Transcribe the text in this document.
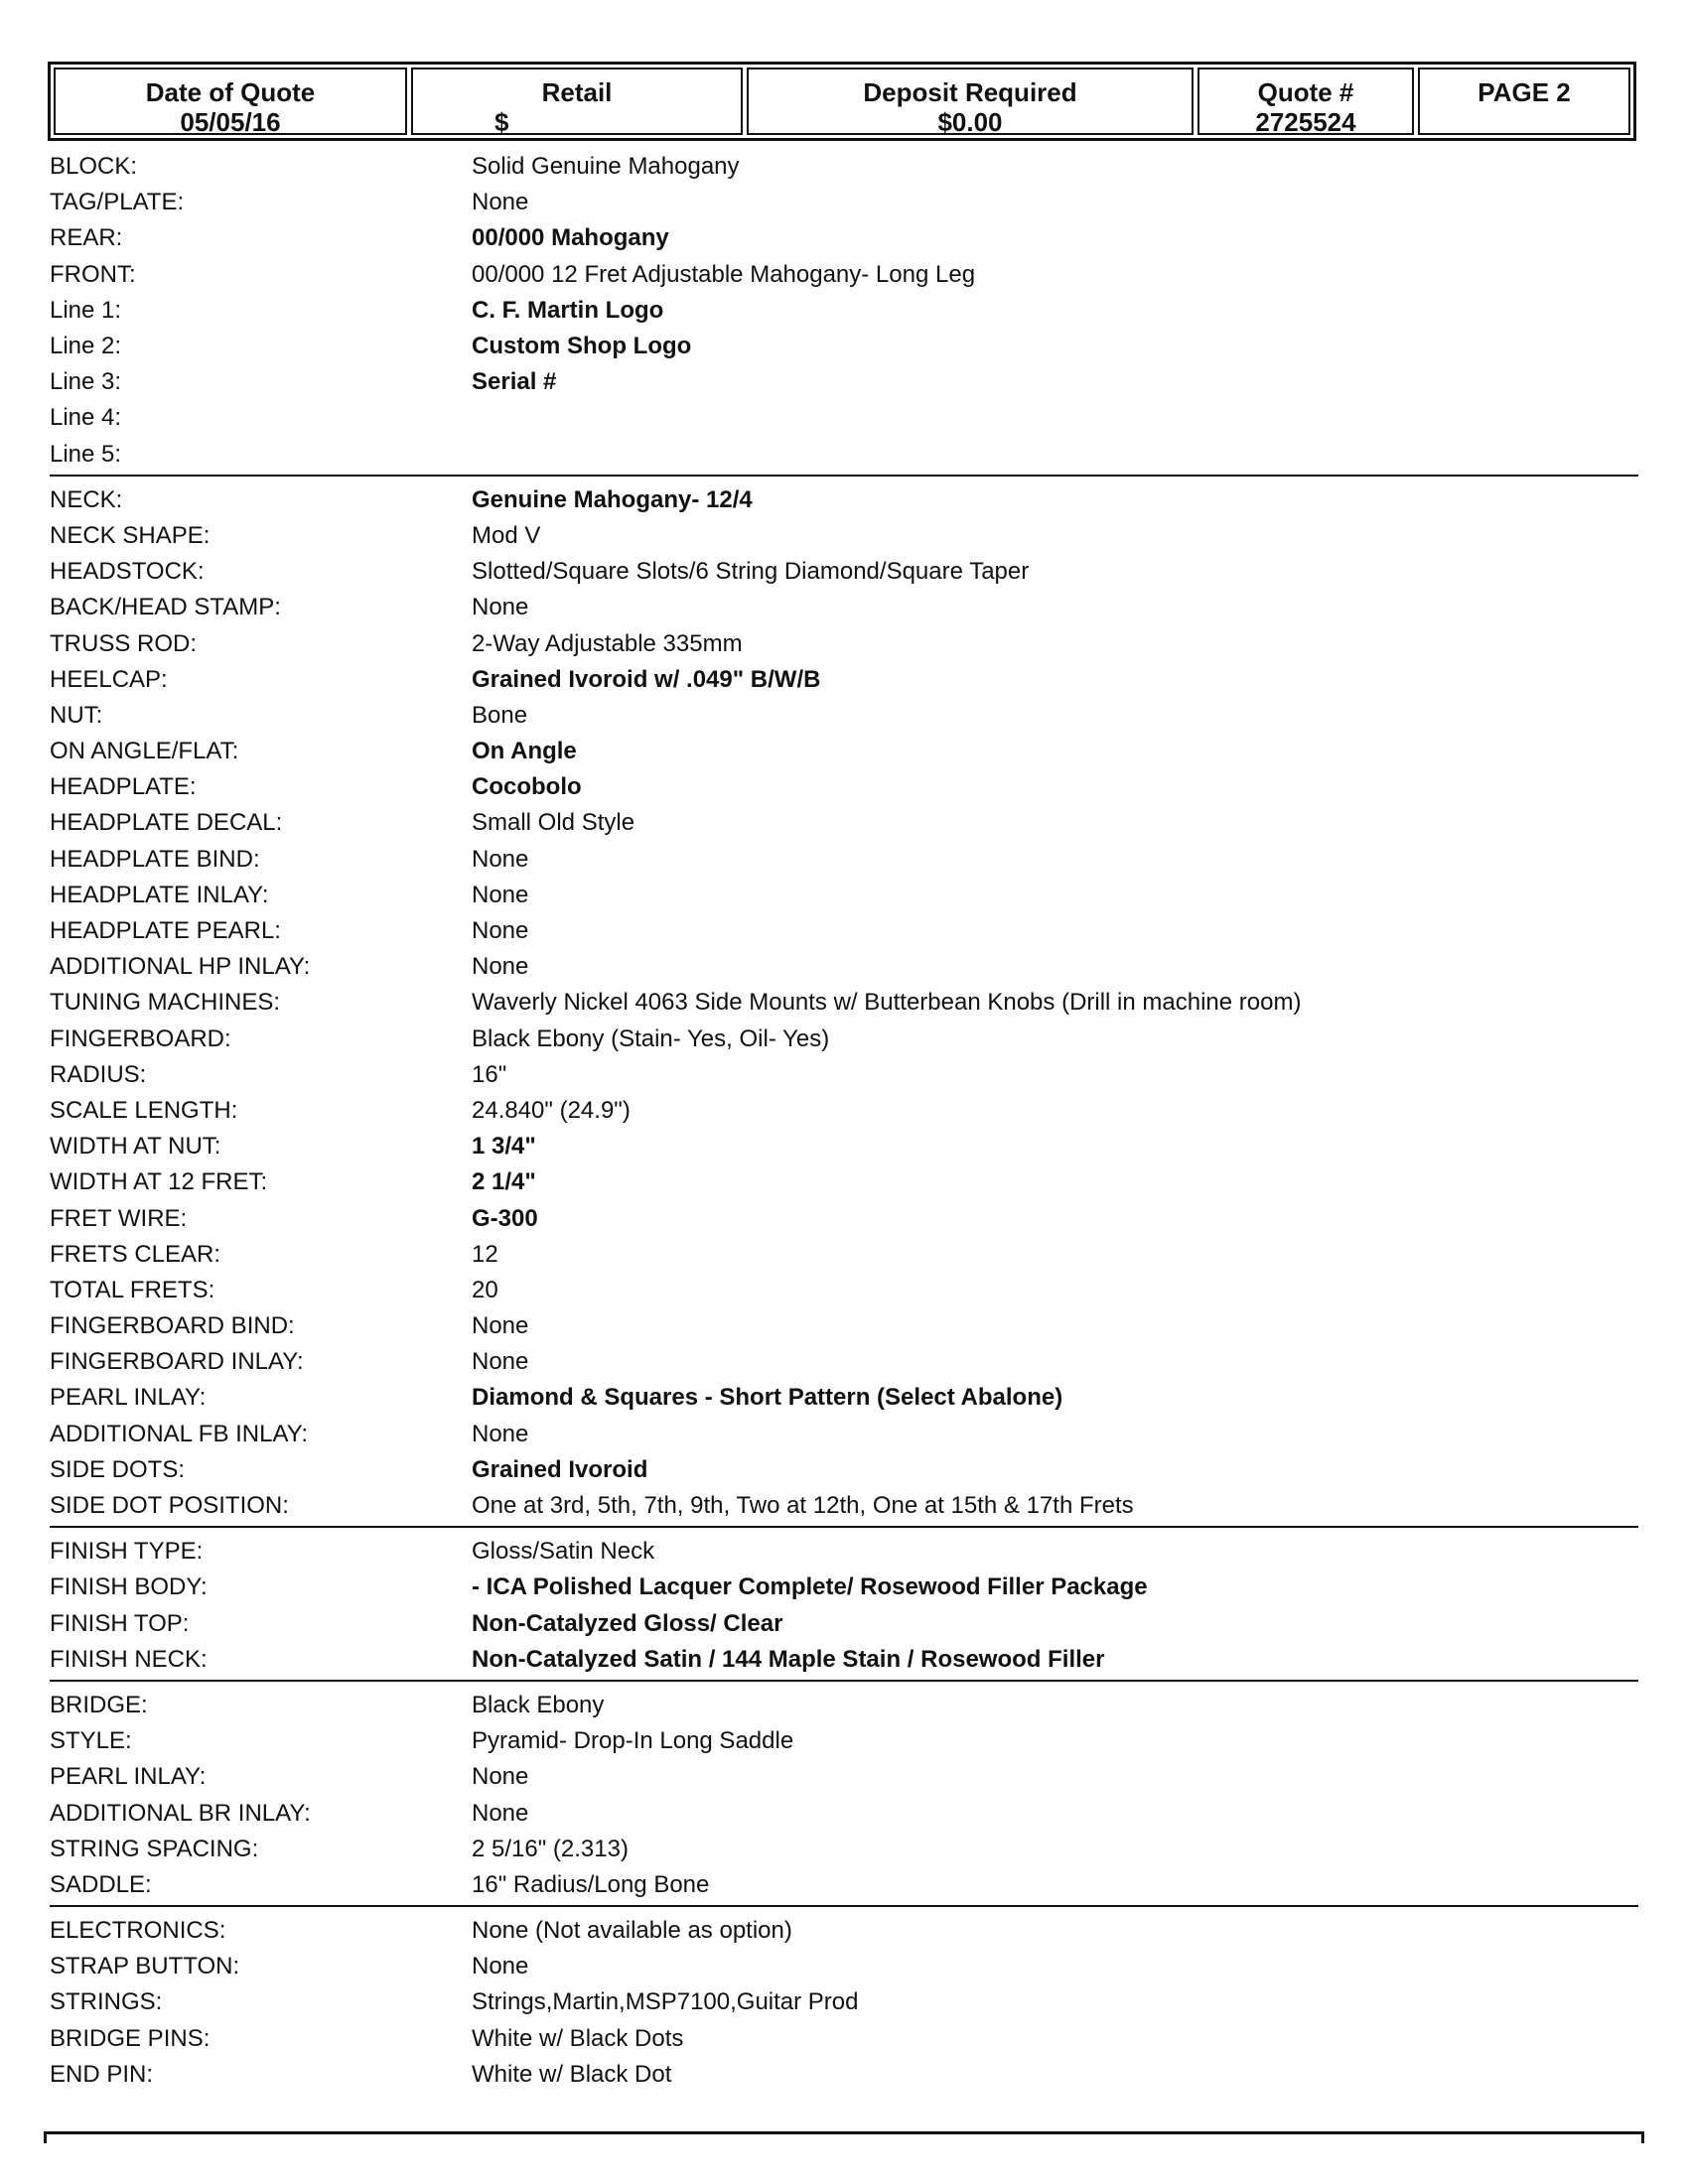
Date of Quote
05/05/16
Retail
$
Deposit Required
$0.00
Quote #
2725524
PAGE 2
BLOCK:	Solid Genuine Mahogany
TAG/PLATE:	None
REAR:	00/000 Mahogany
FRONT:	00/000 12 Fret Adjustable Mahogany- Long Leg
Line 1:	C. F. Martin Logo
Line 2:	Custom Shop Logo
Line 3:	Serial #
Line 4:
Line 5:
NECK:	Genuine Mahogany- 12/4
NECK SHAPE:	Mod V
HEADSTOCK:	Slotted/Square Slots/6 String Diamond/Square Taper
BACK/HEAD STAMP:	None
TRUSS ROD:	2-Way Adjustable 335mm
HEELCAP:	Grained Ivoroid w/ .049" B/W/B
NUT:	Bone
ON ANGLE/FLAT:	On Angle
HEADPLATE:	Cocobolo
HEADPLATE DECAL:	Small Old Style
HEADPLATE BIND:	None
HEADPLATE INLAY:	None
HEADPLATE PEARL:	None
ADDITIONAL HP INLAY:	None
TUNING MACHINES:	Waverly Nickel 4063 Side Mounts w/ Butterbean Knobs (Drill in machine room)
FINGERBOARD:	Black Ebony (Stain- Yes, Oil- Yes)
RADIUS:	16"
SCALE LENGTH:	24.840" (24.9")
WIDTH AT NUT:	1 3/4"
WIDTH AT 12 FRET:	2 1/4"
FRET WIRE:	G-300
FRETS CLEAR:	12
TOTAL FRETS:	20
FINGERBOARD BIND:	None
FINGERBOARD INLAY:	None
PEARL INLAY:	Diamond & Squares - Short Pattern (Select Abalone)
ADDITIONAL FB INLAY:	None
SIDE DOTS:	Grained Ivoroid
SIDE DOT POSITION:	One at 3rd, 5th, 7th, 9th, Two at 12th, One at 15th & 17th Frets
FINISH TYPE:	Gloss/Satin Neck
FINISH BODY:	- ICA Polished Lacquer Complete/ Rosewood Filler Package
FINISH TOP:	Non-Catalyzed Gloss/ Clear
FINISH NECK:	Non-Catalyzed Satin / 144 Maple Stain / Rosewood Filler
BRIDGE:	Black Ebony
STYLE:	Pyramid- Drop-In Long Saddle
PEARL INLAY:	None
ADDITIONAL BR INLAY:	None
STRING SPACING:	2 5/16" (2.313)
SADDLE:	16" Radius/Long Bone
ELECTRONICS:	None (Not available as option)
STRAP BUTTON:	None
STRINGS:	Strings,Martin,MSP7100,Guitar Prod
BRIDGE PINS:	White w/ Black Dots
END PIN:	White w/ Black Dot
